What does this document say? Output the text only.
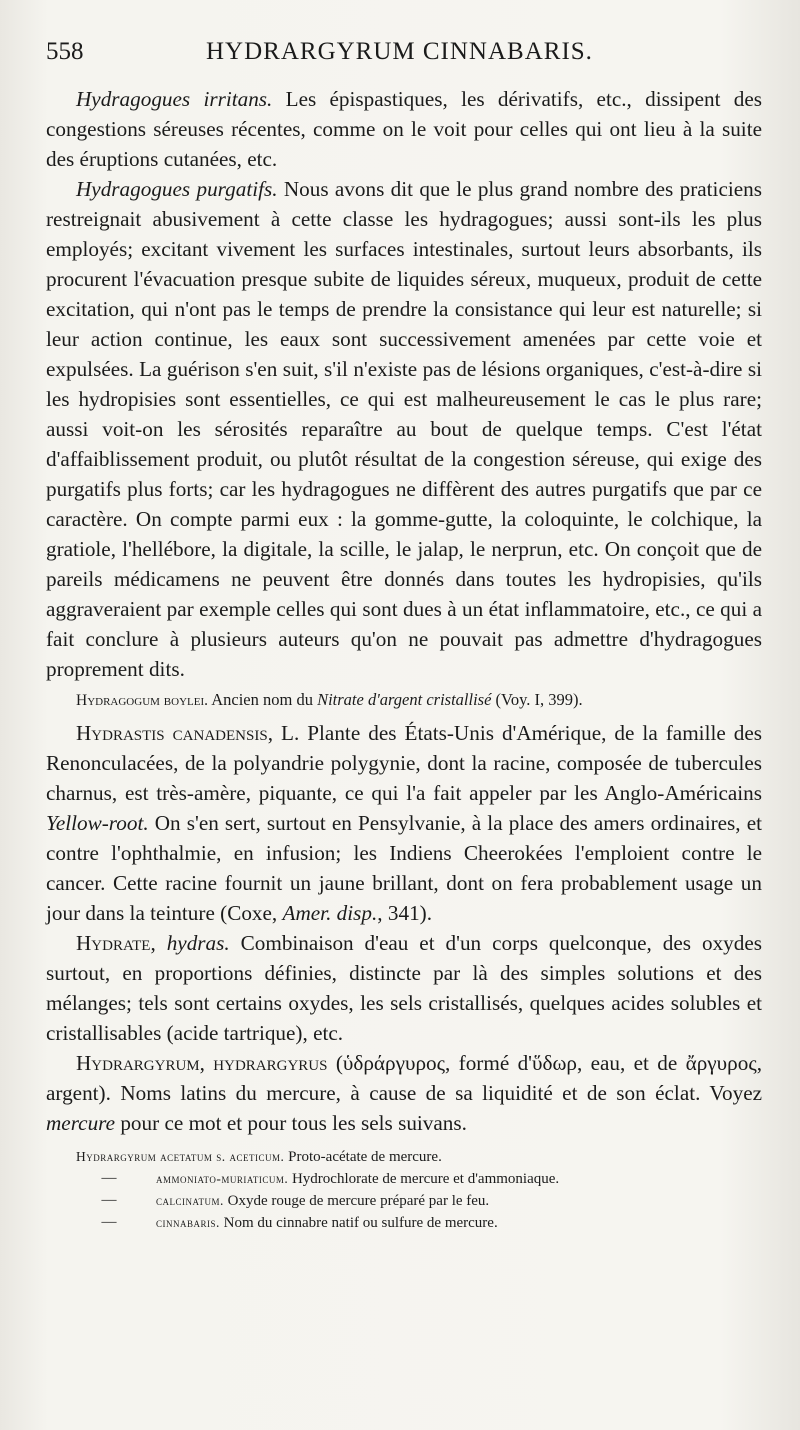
558	HYDRARGYRUM CINNABARIS.

Hydragogues irritans. Les épispastiques, les dérivatifs, etc., dissipent des congestions séreuses récentes, comme on le voit pour celles qui ont lieu à la suite des éruptions cutanées, etc.

Hydragogues purgatifs. Nous avons dit que le plus grand nombre des praticiens restreignait abusivement à cette classe les hydragogues; aussi sont-ils les plus employés; excitant vivement les surfaces intestinales, surtout leurs absorbants, ils procurent l'évacuation presque subite de liquides séreux, muqueux, produit de cette excitation, qui n'ont pas le temps de prendre la consistance qui leur est naturelle; si leur action continue, les eaux sont successivement amenées par cette voie et expulsées. La guérison s'en suit, s'il n'existe pas de lésions organiques, c'est-à-dire si les hydropisies sont essentielles, ce qui est malheureusement le cas le plus rare; aussi voit-on les sérosités reparaître au bout de quelque temps. C'est l'état d'affaiblissement produit, ou plutôt résultat de la congestion séreuse, qui exige des purgatifs plus forts; car les hydragogues ne diffèrent des autres purgatifs que par ce caractère. On compte parmi eux : la gomme-gutte, la coloquinte, le colchique, la gratiole, l'hellébore, la digitale, la scille, le jalap, le nerprun, etc. On conçoit que de pareils médicamens ne peuvent être donnés dans toutes les hydropisies, qu'ils aggraveraient par exemple celles qui sont dues à un état inflammatoire, etc., ce qui a fait conclure à plusieurs auteurs qu'on ne pouvait pas admettre d'hydragogues proprement dits.

Hydragogum boylei. Ancien nom du Nitrate d'argent cristallisé (Voy. I, 399).

Hydrastis canadensis, L. Plante des États-Unis d'Amérique, de la famille des Renonculacées, de la polyandrie polygynie, dont la racine, composée de tubercules charnus, est très-amère, piquante, ce qui l'a fait appeler par les Anglo-Américains Yellow-root. On s'en sert, surtout en Pensylvanie, à la place des amers ordinaires, et contre l'ophthalmie, en infusion; les Indiens Cheerokées l'emploient contre le cancer. Cette racine fournit un jaune brillant, dont on fera probablement usage un jour dans la teinture (Coxe, Amer. disp., 341).

Hydrate, hydras. Combinaison d'eau et d'un corps quelconque, des oxydes surtout, en proportions définies, distincte par là des simples solutions et des mélanges; tels sont certains oxydes, les sels cristallisés, quelques acides solubles et cristallisables (acide tartrique), etc.

Hydrargyrum, hydrargyrus (ὑδράργυρος, formé d'ὕδωρ, eau, et de ἄργυρος, argent). Noms latins du mercure, à cause de sa liquidité et de son éclat. Voyez mercure pour ce mot et pour tous les sels suivans.

Hydrargyrum acetatum s. aceticum. Proto-acétate de mercure.
—	ammoniato-muriaticum. Hydrochlorate de mercure et d'ammoniaque.
—	calcinatum. Oxyde rouge de mercure préparé par le feu.
—	cinnabaris. Nom du cinnabre natif ou sulfure de mercure.
